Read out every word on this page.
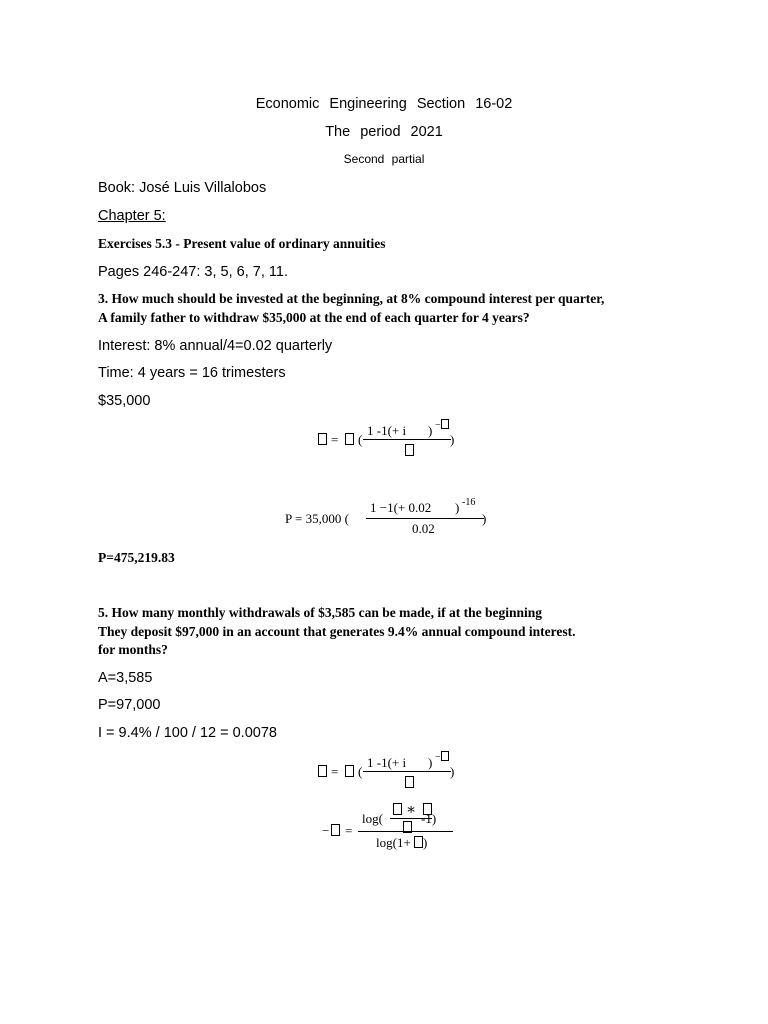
Economic Engineering Section 16-02
The period 2021
Second partial
Book: José Luis Villalobos
Chapter 5:
Exercises 5.3 - Present value of ordinary annuities
Pages 246-247: 3, 5, 6, 7, 11.
3. How much should be invested at the beginning, at 8% compound interest per quarter,
A family father to withdraw $35,000 at the end of each quarter for 4 years?
Interest: 8% annual/4=0.02 quarterly
Time: 4 years = 16 trimesters
$35,000
= (
1 -1(+ i ) −
)
P = 35,000 (
1 −1(+ 0.02 ) -16
0.02
)
P=475,219.83
5. How many monthly withdrawals of $3,585 can be made, if at the beginning
They deposit $97,000 in an account that generates 9.4% annual compound interest.
for months?
A=3,585
P=97,000
I = 9.4% / 100 / 12 = 0.0078
= (
1 -1(+ i ) −
)
− =
log(
∗
-1)
log(1+ )
